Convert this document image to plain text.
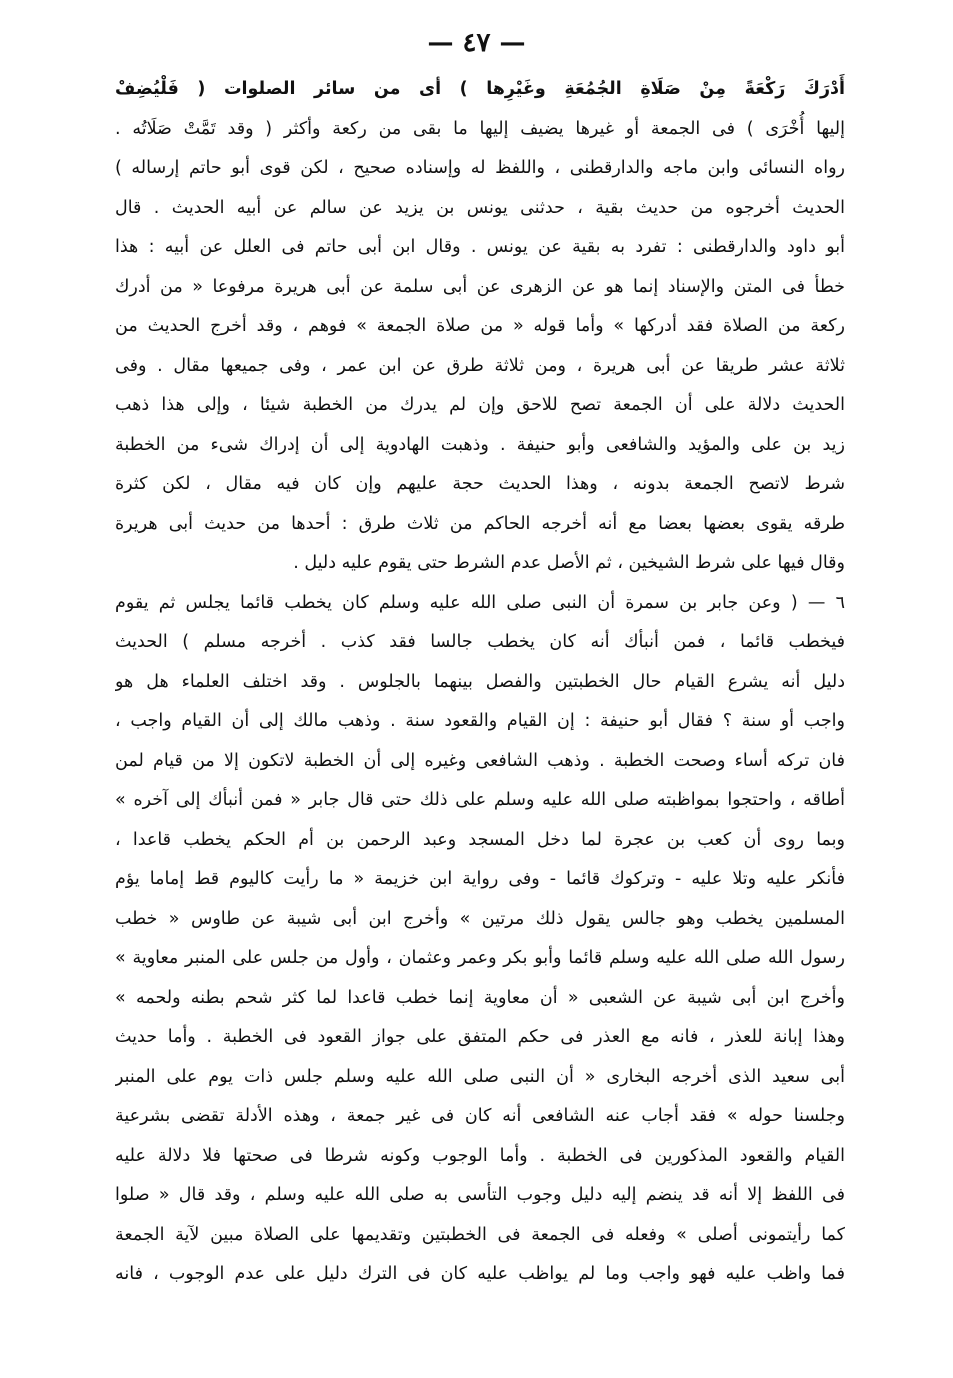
— ٤٧ —
أَدْرَكَ رَكْعَةً مِنْ صَلَاةِ الجُمُعَةِ وغَيْرِها ) أى من سائر الصلوات ( فَلْيُضِفْ
إليها أُخْرَى ) فى الجمعة أو غيرها يضيف إليها ما بقى من ركعة وأكثر ( وقد تَمَّتْ صَلَاتُه .
رواه النسائى وابن ماجه والدارقطنى ، واللفظ له وإسناده صحيح ، لكن قوى أبو حاتم إرساله )
الحديث أخرجوه من حديث بقية ، حدثنى يونس بن يزيد عن سالم عن أبيه الحديث . قال
أبو داود والدارقطنى : تفرد به بقية عن يونس . وقال ابن أبى حاتم فى العلل عن أبيه : هذا
خطأ فى المتن والإسناد إنما هو عن الزهرى عن أبى سلمة عن أبى هريرة مرفوعا « من أدرك
ركعة من الصلاة فقد أدركها » وأما قوله « من صلاة الجمعة » فوهم ، وقد أخرج الحديث من
ثلاثة عشر طريقا عن أبى هريرة ، ومن ثلاثة طرق عن ابن عمر ، وفى جميعها مقال . وفى
الحديث دلالة على أن الجمعة تصح للاحق وإن لم يدرك من الخطبة شيئا ، وإلى هذا ذهب
زيد بن على والمؤيد والشافعى وأبو حنيفة . وذهبت الهادوية إلى أن إدراك شىء من الخطبة
شرط لاتصح الجمعة بدونه ، وهذا الحديث حجة عليهم وإن كان فيه مقال ، لكن كثرة
طرقه يقوى بعضها بعضا مع أنه أخرجه الحاكم من ثلاث طرق : أحدها من حديث أبى هريرة
وقال فيها على شرط الشيخين ، ثم الأصل عدم الشرط حتى يقوم عليه دليل .
٦ — ( وعن جابر بن سمرة أن النبى صلى الله عليه وسلم كان يخطب قائما يجلس ثم يقوم
فيخطب قائما ، فمن أنبأك أنه كان يخطب جالسا فقد كذب . أخرجه مسلم ) الحديث
دليل أنه يشرع القيام حال الخطبتين والفصل بينهما بالجلوس . وقد اختلف العلماء هل هو
واجب أو سنة ؟ فقال أبو حنيفة : إن القيام والقعود سنة . وذهب مالك إلى أن القيام واجب ،
فان تركه أساء وصحت الخطبة . وذهب الشافعى وغيره إلى أن الخطبة لاتكون إلا من قيام لمن
أطاقه ، واحتجوا بمواظبته صلى الله عليه وسلم على ذلك حتى قال جابر « فمن أنبأك إلى آخره »
وبما روى أن كعب بن عجرة لما دخل المسجد وعبد الرحمن بن أم الحكم يخطب قاعدا ،
فأنكر عليه وتلا عليه - وتركوك قائما - وفى رواية ابن خزيمة « ما رأيت كاليوم قط إماما يؤم
المسلمين يخطب وهو جالس يقول ذلك مرتين » وأخرج ابن أبى شيبة عن طاوس « خطب
رسول الله صلى الله عليه وسلم قائما وأبو بكر وعمر وعثمان ، وأول من جلس على المنبر معاوية »
وأخرج ابن أبى شيبة عن الشعبى « أن معاوية إنما خطب قاعدا لما كثر شحم بطنه ولحمه »
وهذا إبانة للعذر ، فانه مع العذر فى حكم المتفق على جواز القعود فى الخطبة . وأما حديث
أبى سعيد الذى أخرجه البخارى « أن النبى صلى الله عليه وسلم جلس ذات يوم على المنبر
وجلسنا حوله » فقد أجاب عنه الشافعى أنه كان فى غير جمعة ، وهذه الأدلة تقضى بشرعية
القيام والقعود المذكورين فى الخطبة . وأما الوجوب وكونه شرطا فى صحتها فلا دلالة عليه
فى اللفظ إلا أنه قد ينضم إليه دليل وجوب التأسى به صلى الله عليه وسلم ، وقد قال « صلوا
كما رأيتمونى أصلى » وفعله فى الجمعة فى الخطبتين وتقديمها على الصلاة مبين لآية الجمعة
فما واظب عليه فهو واجب وما لم يواظب عليه كان فى الترك دليل على عدم الوجوب ، فانه
